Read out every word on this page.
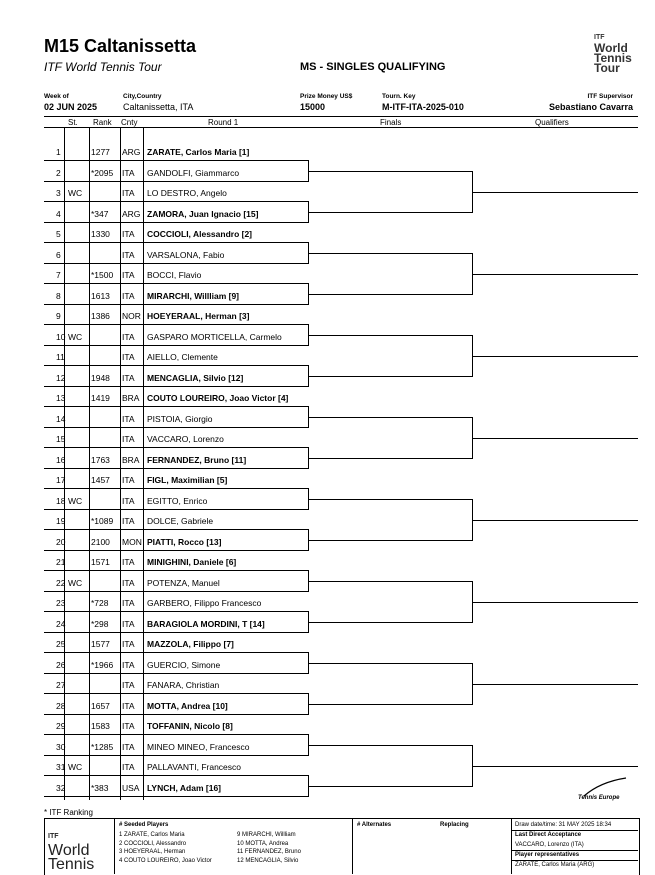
M15 Caltanissetta
ITF World Tennis Tour	MS - SINGLES QUALIFYING
ITF
World
Tennis
Tour
Week of
02 JUN 2025
City,Country
Caltanissetta, ITA
Prize Money US$
15000
Tourn. Key
M-ITF-ITA-2025-010
ITF Supervisor
Sebastiano Cavarra
St. Rank Cnty	Round 1	Finals	Qualifiers
1	1277 ARG ZARATE, Carlos Maria [1]
2	*2095 ITA GANDOLFI, Giammarco
3 WC	ITA LO DESTRO, Angelo
4	*347 ARG ZAMORA, Juan Ignacio [15]
5	1330 ITA COCCIOLI, Alessandro [2]
6	ITA VARSALONA, Fabio
7	*1500 ITA BOCCI, Flavio
8	1613 ITA MIRARCHI, Willliam [9]
9	1386 NOR HOEYERAAL, Herman [3]
10 WC	ITA GASPARO MORTICELLA, Carmelo
11	ITA AIELLO, Clemente
12	1948 ITA MENCAGLIA, Silvio [12]
13	1419 BRA COUTO LOUREIRO, Joao Victor [4]
14	ITA PISTOIA, Giorgio
15	ITA VACCARO, Lorenzo
16	1763 BRA FERNANDEZ, Bruno [11]
17	1457 ITA FIGL, Maximilian [5]
18 WC	ITA EGITTO, Enrico
19	*1089 ITA DOLCE, Gabriele
20	2100 MON PIATTI, Rocco [13]
21	1571 ITA MINIGHINI, Daniele [6]
22 WC	ITA POTENZA, Manuel
23	*728 ITA GARBERO, Filippo Francesco
24	*298 ITA BARAGIOLA MORDINI, T [14]
25	1577 ITA MAZZOLA, Filippo [7]
26	*1966 ITA GUERCIO, Simone
27	ITA FANARA, Christian
28	1657 ITA MOTTA, Andrea [10]
29	1583 ITA TOFFANIN, Nicolo [8]
30	*1285 ITA MINEO MINEO, Francesco
31 WC	ITA PALLAVANTI, Francesco
32	*383 USA LYNCH, Adam [16]
* ITF Ranking
Tennis Europe
ITF
World
Tennis
# Seeded Players
1 ZARATE, Carlos Maria
2 COCCIOLI, Alessandro
3 HOEYERAAL, Herman
4 COUTO LOUREIRO, Joao Victor
9 MIRARCHI, Willliam
10 MOTTA, Andrea
11 FERNANDEZ, Bruno
12 MENCAGLIA, Silvio
# Alternates	Replacing	Draw date/time: 31 MAY 2025 18:34
Last Direct Acceptance
VACCARO, Lorenzo (ITA)
Player representatives
ZARATE, Carlos Maria (ARG)
